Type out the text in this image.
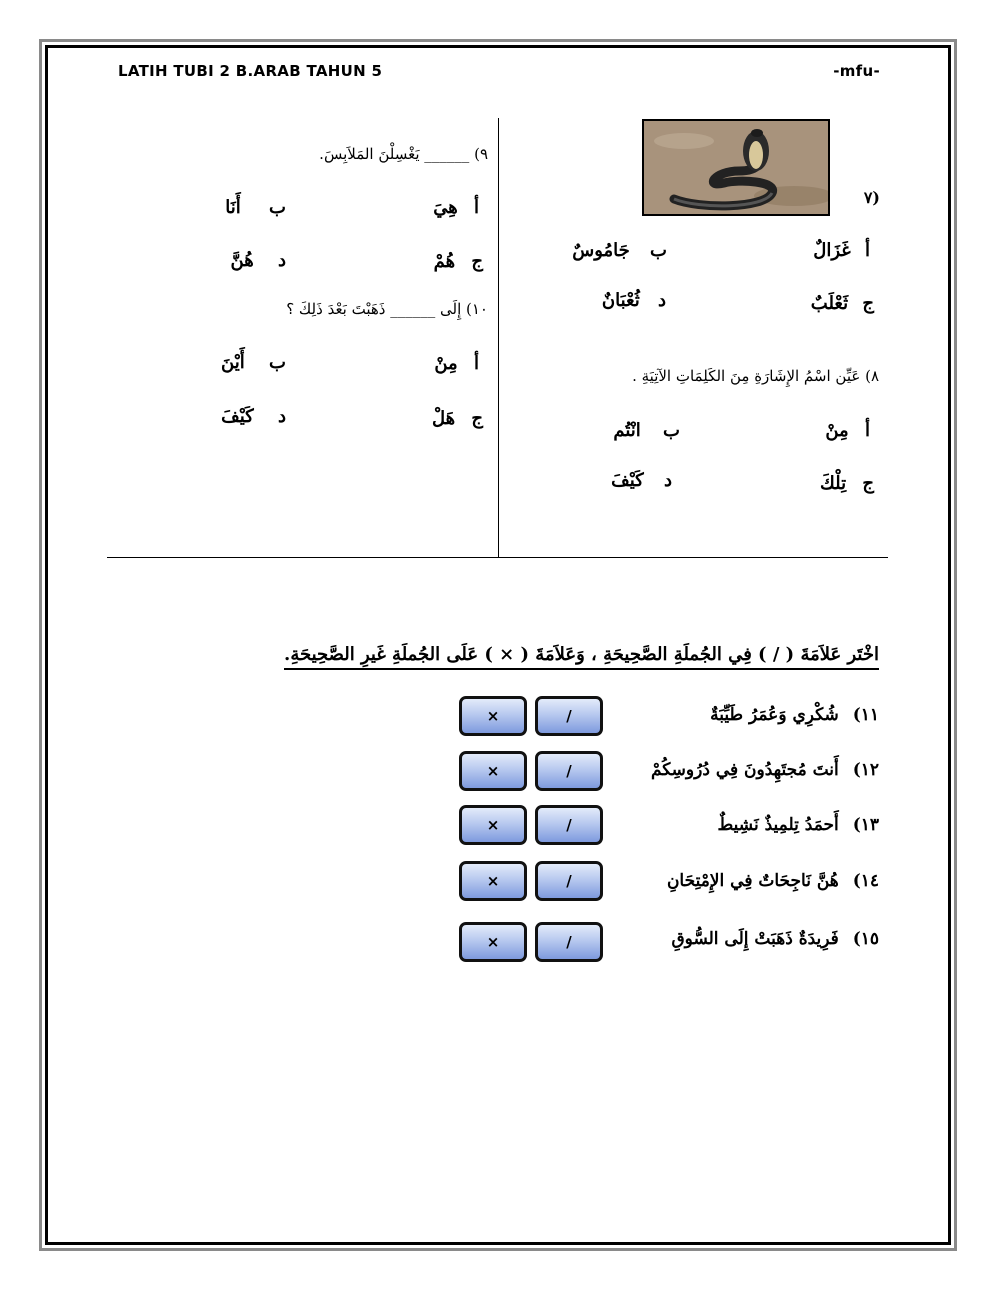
LATIH TUBI 2 B.ARAB TAHUN 5	-mfu-
٧)
أ غَزَالٌ
ب جَامُوسٌ
ج ثَعْلَبٌ
د ثُعْبَانٌ
٨) عَيِّن اسْمُ الإِشَارَةِ مِنَ الكَلِمَاتِ الآتِيَةِ .
أ مِنْ
ب انْتُم
ج تِلْكَ
د كَيْفَ
٩) ______ يَغْسِلْنَ المَلاَبِسَ.
أ هِيَ
ب أَنَا
ج هُمْ
د هُنَّ
١٠) إِلَى ______ ذَهَبْتَ بَعْدَ ذَلِكَ ؟
أ مِنْ
ب أَيْنَ
ج هَلْ
د كَيْفَ
اخْتَر عَلاَمَةَ ( / ) فِي الجُملَةِ الصَّحِيحَةِ ، وَعَلاَمَةَ ( × ) عَلَى الجُملَةِ غَيرِ الصَّحِيحَةِ.
١١) شُكْرِي وَعُمَرُ طَيِّبَةٌ
/
×
١٢) أَنتَ مُجتَهِدُونَ فِي دُرُوسِكُمْ
/
×
١٣) أَحمَدُ تِلمِيذٌ نَشِيطٌ
/
×
١٤) هُنَّ نَاجِحَاتٌ فِي الإِمْتِحَانِ
/
×
١٥) فَرِيدَةٌ ذَهَبَتْ إِلَى السُّوقِ
/
×
